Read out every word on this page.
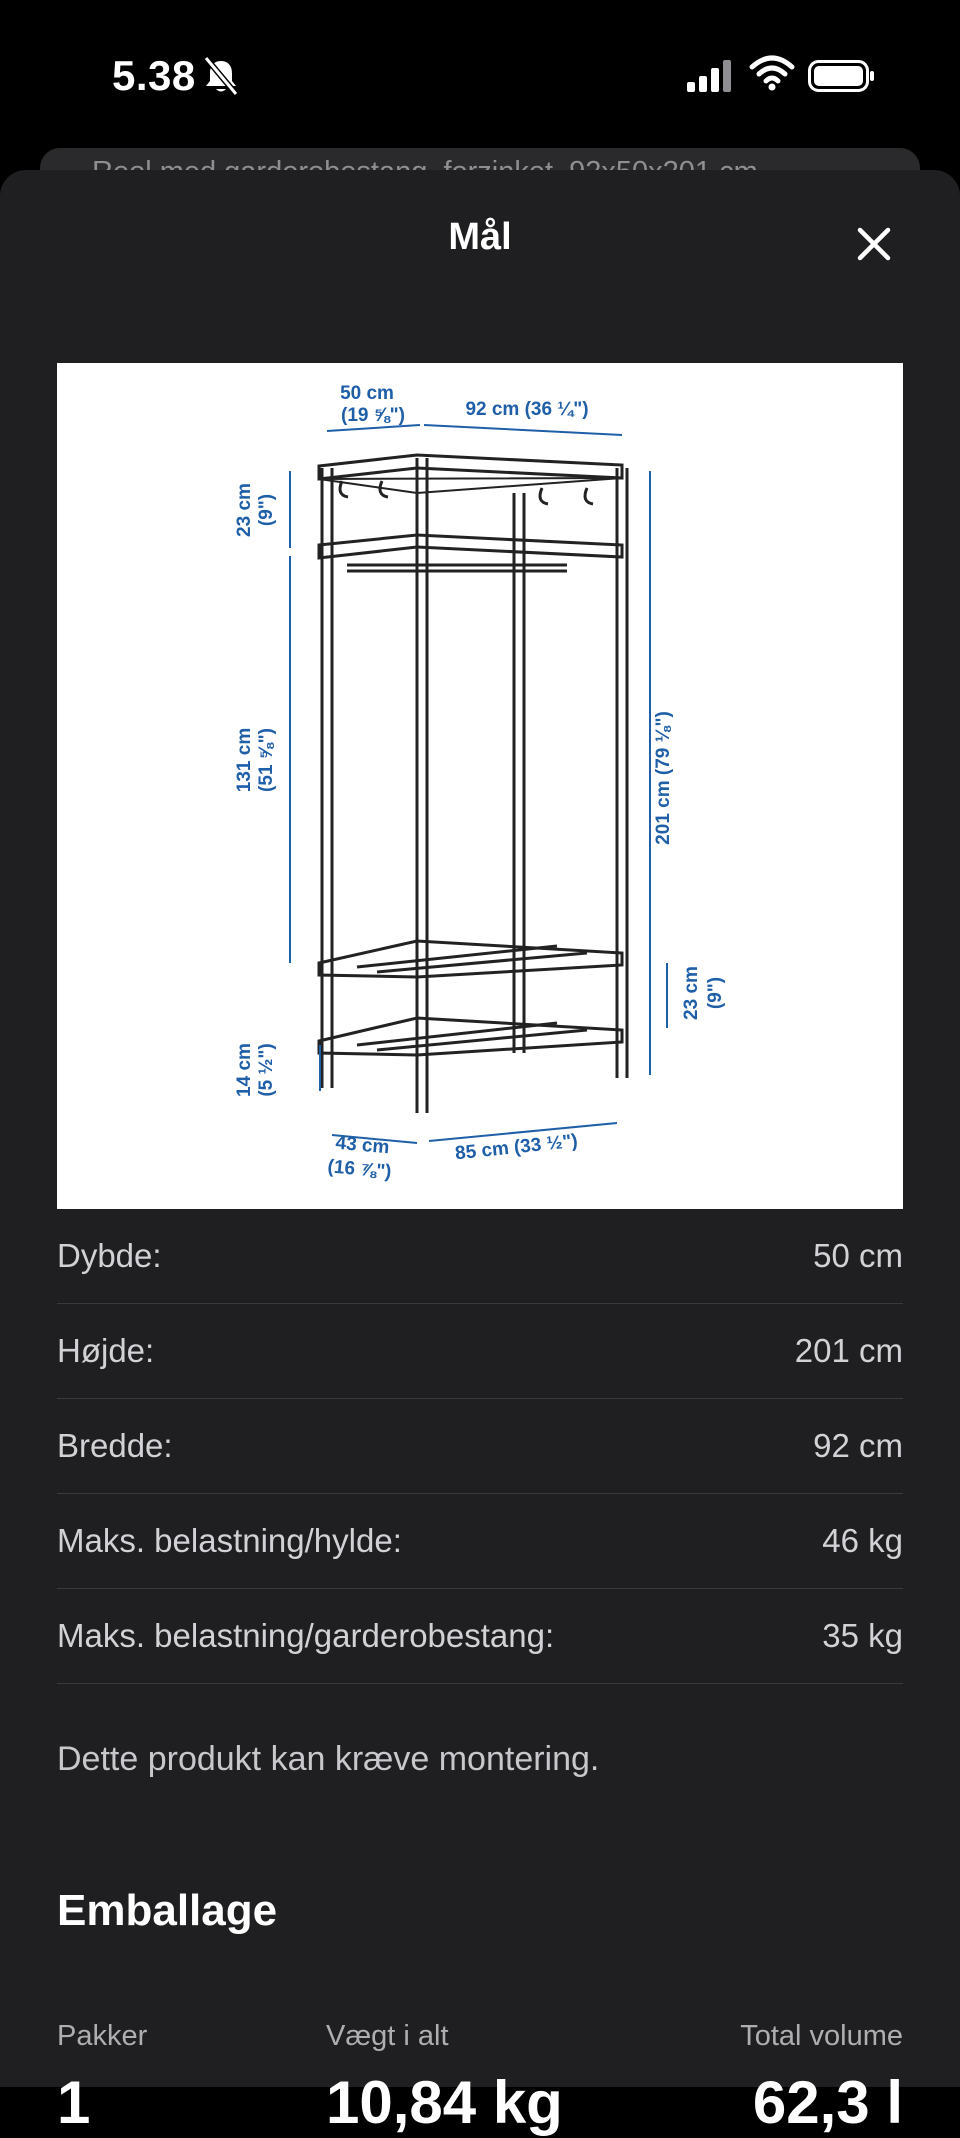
5.38
Mål
50 cm
(19 ⅝")	92 cm (36 ¼")
23 cm (9")
131 cm (51 ⅝")	201 cm (79 ⅛")
23 cm (9")
14 cm (5 ½")
43 cm
(16 ⅞")
85 cm (33 ½")
Dybde:	50 cm
Højde:	201 cm
Bredde:	92 cm
Maks. belastning/hylde:	46 kg
Maks. belastning/garderobestang:	35 kg
Dette produkt kan kræve montering.
Emballage
Pakker	Vægt i alt	Total volume
1	10,84 kg	62,3 l
